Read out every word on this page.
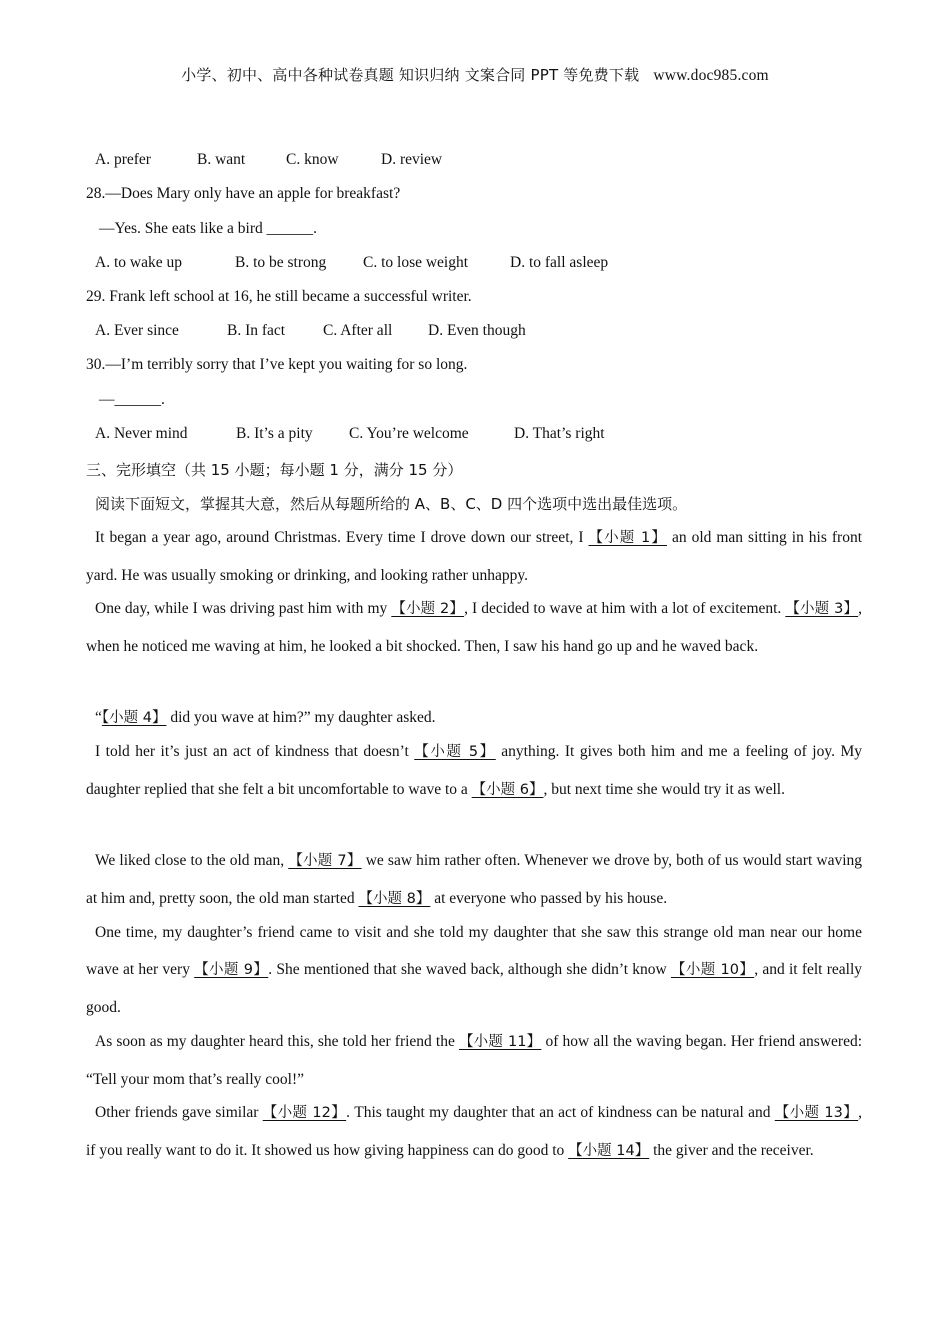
小学、初中、高中各种试卷真题 知识归纳 文案合同 PPT 等免费下载 www.doc985.com
A. prefer	B. want	C. know	D. review
28.—Does Mary only have an apple for breakfast?
—Yes. She eats like a bird ______.
A. to wake up	B. to be strong C. to lose weight	D. to fall asleep
29. Frank left school at 16, he still became a successful writer.
A. Ever since	B. In fact C. After all D. Even though
30.—I’m terribly sorry that I’ve kept you waiting for so long.
—______.
A. Never mind	B. It’s a pity C. You’re welcome	D. That’s right
三、完形填空（共 15 小题；每小题 1 分，满分 15 分）
阅读下面短文，掌握其大意，然后从每题所给的 A、B、C、D 四个选项中选出最佳选项。
It began a year ago, around Christmas. Every time I drove down our street, I 【小题 1】 an old man sitting in his front yard. He was usually smoking or drinking, and looking rather unhappy.
One day, while I was driving past him with my 【小题 2】, I decided to wave at him with a lot of excitement. 【小题 3】, when he noticed me waving at him, he looked a bit shocked. Then, I saw his hand go up and he waved back.
“【小题 4】 did you wave at him?” my daughter asked.
I told her it’s just an act of kindness that doesn’t 【小题 5】 anything. It gives both him and me a feeling of joy. My daughter replied that she felt a bit uncomfortable to wave to a 【小题 6】, but next time she would try it as well.
We liked close to the old man, 【小题 7】 we saw him rather often. Whenever we drove by, both of us would start waving at him and, pretty soon, the old man started 【小题 8】 at everyone who passed by his house.
One time, my daughter’s friend came to visit and she told my daughter that she saw this strange old man near our home wave at her very 【小题 9】. She mentioned that she waved back, although she didn’t know 【小题 10】, and it felt really good.
As soon as my daughter heard this, she told her friend the 【小题 11】 of how all the waving began. Her friend answered: “Tell your mom that’s really cool!”
Other friends gave similar 【小题 12】. This taught my daughter that an act of kindness can be natural and 【小题 13】, if you really want to do it. It showed us how giving happiness can do good to 【小题 14】 the giver and the receiver.
